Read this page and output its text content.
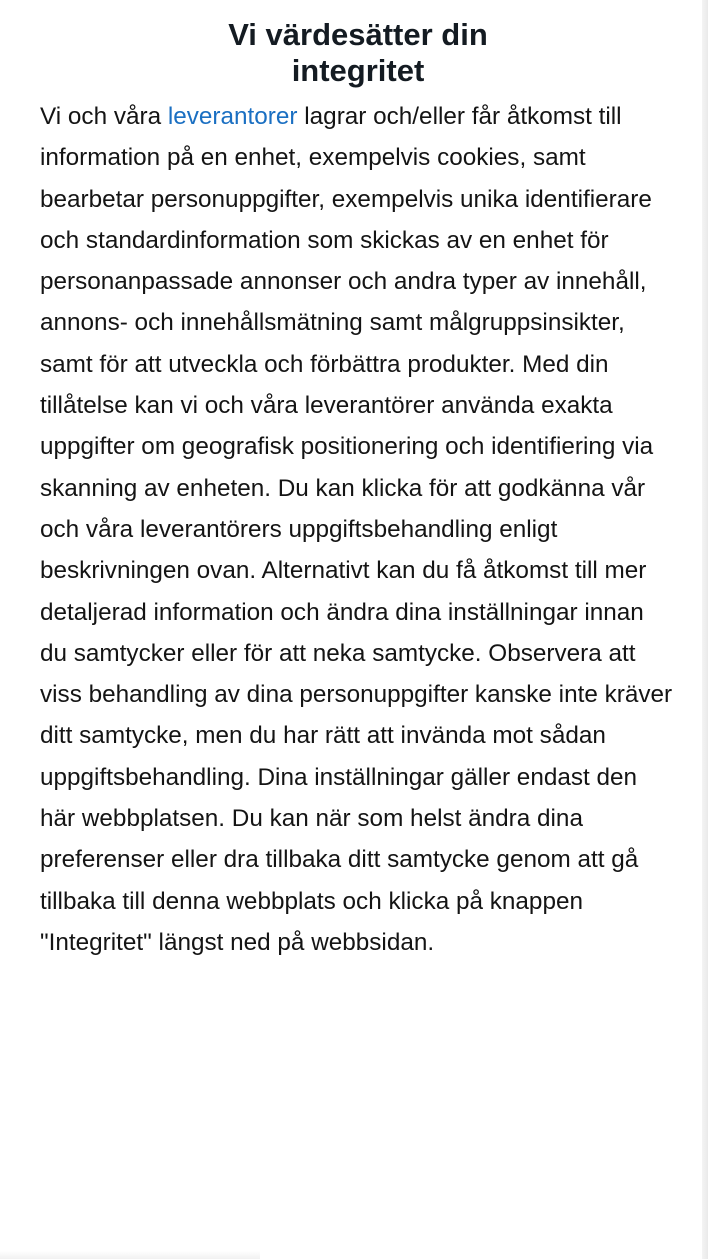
Vi värdesätter din
integritet

Vi och våra leverantorer lagrar och/eller får åtkomst till information på en enhet, exempelvis cookies, samt bearbetar personuppgifter, exempelvis unika identifierare och standardinformation som skickas av en enhet för personanpassade annonser och andra typer av innehåll, annons- och innehållsmätning samt målgruppsinsikter, samt för att utveckla och förbättra produkter. Med din tillåtelse kan vi och våra leverantörer använda exakta uppgifter om geografisk positionering och identifiering via skanning av enheten. Du kan klicka för att godkänna vår och våra leverantörers uppgiftsbehandling enligt beskrivningen ovan. Alternativt kan du få åtkomst till mer detaljerad information och ändra dina inställningar innan du samtycker eller för att neka samtycke. Observera att viss behandling av dina personuppgifter kanske inte kräver ditt samtycke, men du har rätt att invända mot sådan uppgiftsbehandling. Dina inställningar gäller endast den här webbplatsen. Du kan när som helst ändra dina preferenser eller dra tillbaka ditt samtycke genom att gå tillbaka till denna webbplats och klicka på knappen "Integritet" längst ned på webbsidan.
